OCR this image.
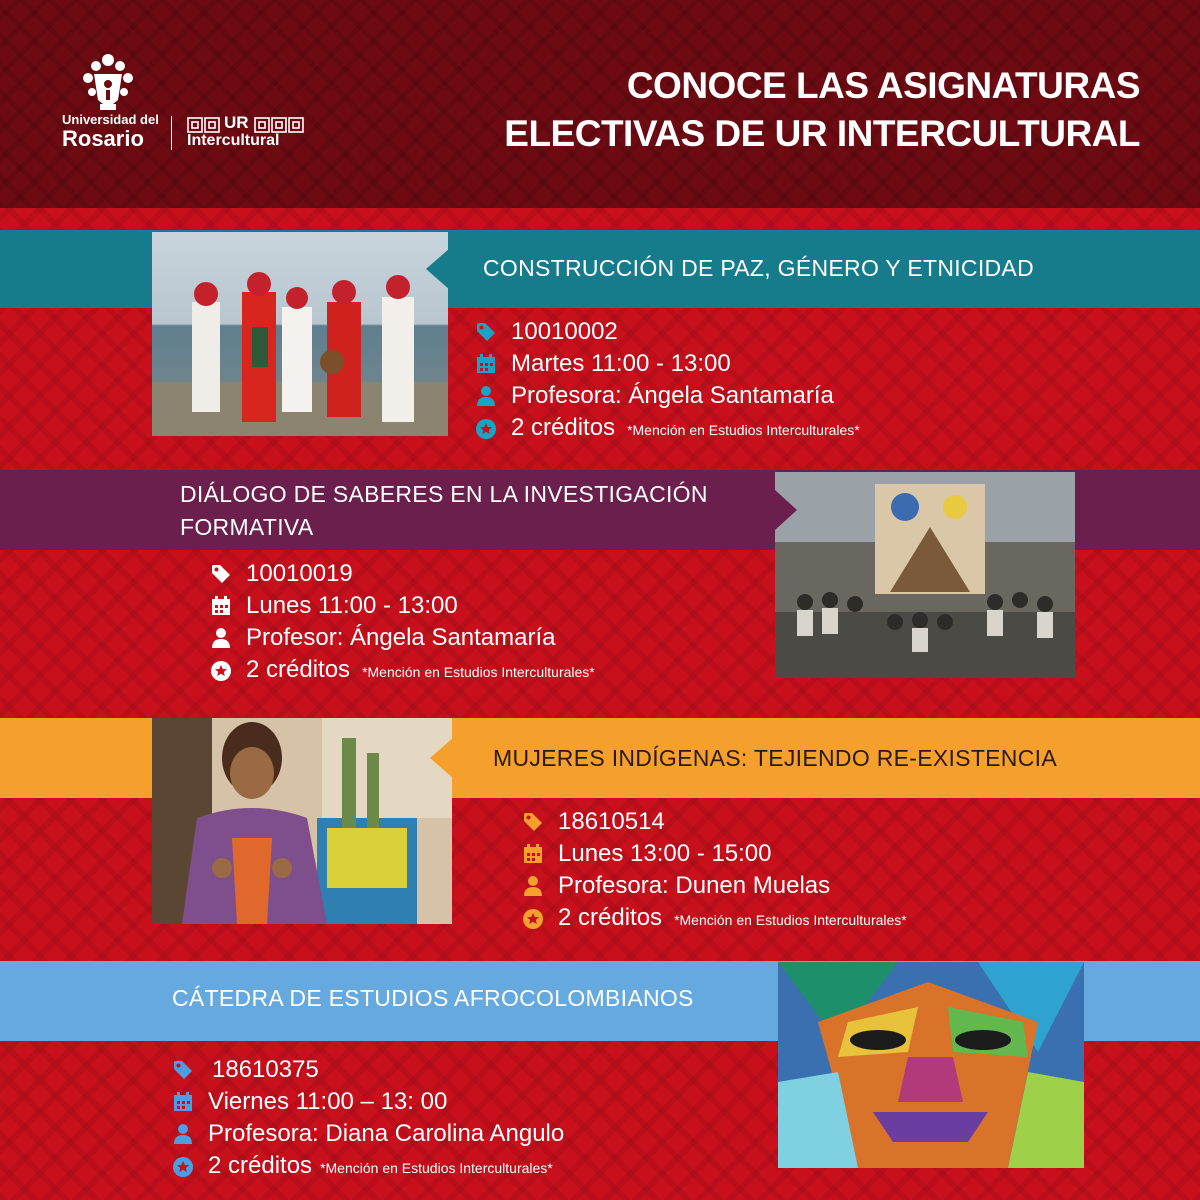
Universidad del
Rosario
UR
Intercultural
CONOCE LAS ASIGNATURAS
ELECTIVAS DE UR INTERCULTURAL
CONSTRUCCIÓN DE PAZ, GÉNERO Y ETNICIDAD
10010002
Martes 11:00 - 13:00
Profesora: Ángela Santamaría
2 créditos *Mención en Estudios Interculturales*
DIÁLOGO DE SABERES EN LA INVESTIGACIÓN
FORMATIVA
10010019
Lunes 11:00 - 13:00
Profesor: Ángela Santamaría
2 créditos *Mención en Estudios Interculturales*
MUJERES INDÍGENAS: TEJIENDO RE-EXISTENCIA
18610514
Lunes 13:00 - 15:00
Profesora: Dunen Muelas
2 créditos *Mención en Estudios Interculturales*
CÁTEDRA DE ESTUDIOS AFROCOLOMBIANOS
18610375
Viernes 11:00 – 13: 00
Profesora: Diana Carolina Angulo
2 créditos *Mención en Estudios Interculturales*
